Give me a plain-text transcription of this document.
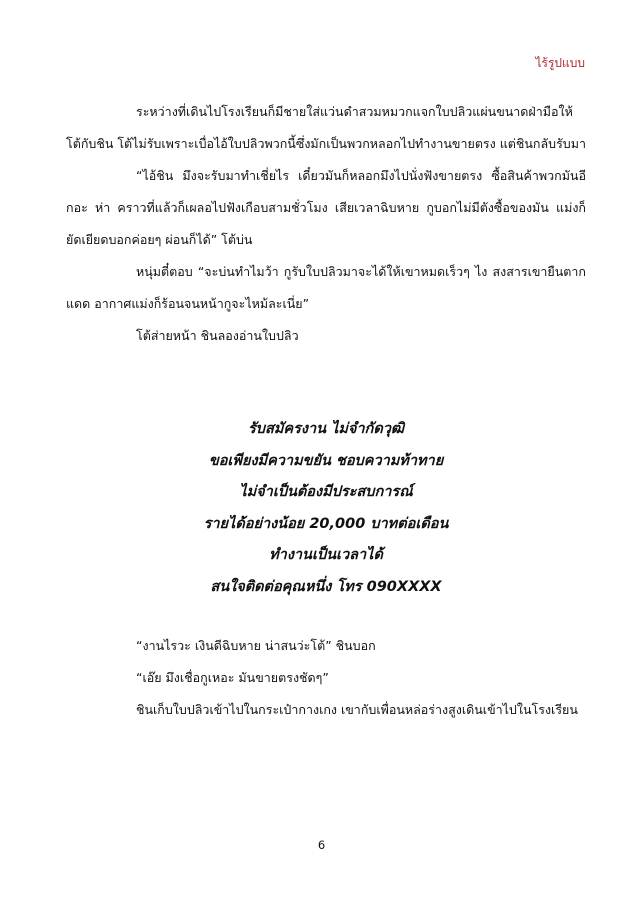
ไร้รูปแบบ

ระหว่างที่เดินไปโรงเรียนก็มีชายใส่แว่นดำสวมหมวกแจกใบปลิวแผ่นขนาดฝ่ามือให้โต้กับชิน โต้ไม่รับเพราะเบื่อไอ้ใบปลิวพวกนี้ซึ่งมักเป็นพวกหลอกไปทำงานขายตรง แต่ชินกลับรับมา

“ไอ้ชิน มึงจะรับมาทำเชี่ยไร เดี๋ยวมันก็หลอกมึงไปนั่งฟังขายตรง ซื้อสินค้าพวกมันอีกอะ ห่า คราวที่แล้วก็เผลอไปฟังเกือบสามชั่วโมง เสียเวลาฉิบหาย กูบอกไม่มีตังซื้อของมัน แม่งก็ยัดเยียดบอกค่อยๆ ผ่อนก็ได้” โต้บ่น

หนุ่มตี๋ตอบ “จะบ่นทำไมว้า กูรับใบปลิวมาจะได้ให้เขาหมดเร็วๆ ไง สงสารเขายืนตากแดด อากาศแม่งก็ร้อนจนหน้ากูจะไหม้ละเนี่ย”

โต้ส่ายหน้า ชินลองอ่านใบปลิว

รับสมัครงาน ไม่จำกัดวุฒิ
ขอเพียงมีความขยัน ชอบความท้าทาย
ไม่จำเป็นต้องมีประสบการณ์
รายได้อย่างน้อย 20,000 บาทต่อเดือน
ทำงานเป็นเวลาได้
สนใจติดต่อคุณหนึ่ง โทร 090XXXX

“งานไรวะ เงินดีฉิบหาย น่าสนว่ะโต้” ชินบอก

“เอ๊ย มึงเชื่อกูเหอะ มันขายตรงชัดๆ”

ชินเก็บใบปลิวเข้าไปในกระเป๋ากางเกง เขากับเพื่อนหล่อร่างสูงเดินเข้าไปในโรงเรียน

6
